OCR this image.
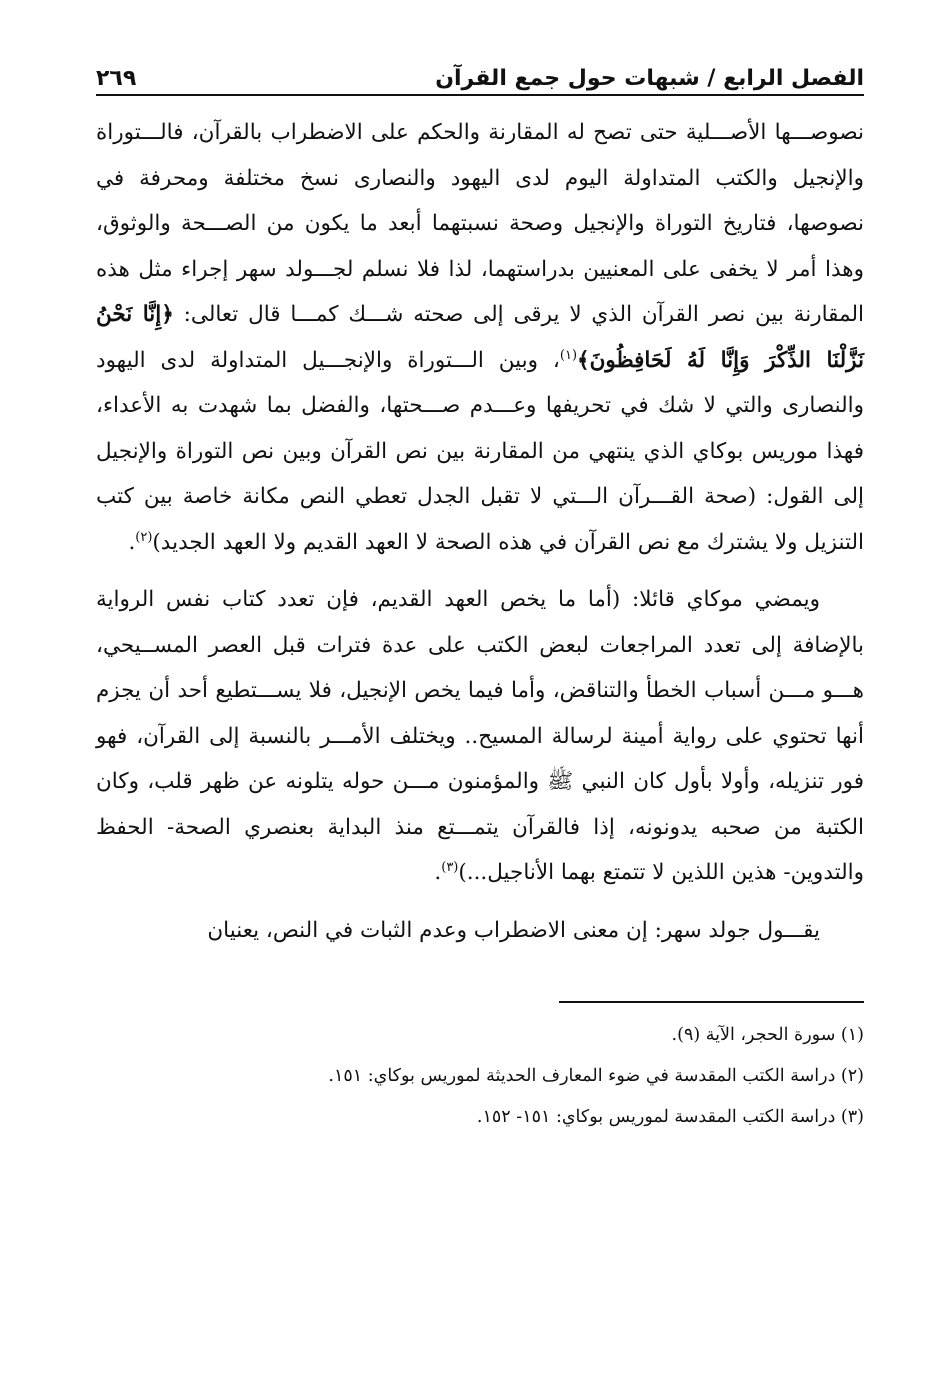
الفصل الرابع / شبهات حول جمع القرآن
٢٦٩

نصوصـــها الأصـــلية حتى تصح له المقارنة والحكم على الاضطراب بالقرآن، فالـــتوراة والإنجيل والكتب المتداولة اليوم لدى اليهود والنصارى نسخ مختلفة ومحرفة في نصوصها، فتاريخ التوراة والإنجيل وصحة نسبتهما أبعد ما يكون من الصـــحة والوثوق، وهذا أمر لا يخفى على المعنيين بدراستهما، لذا فلا نسلم لجـــولد سهر إجراء مثل هذه المقارنة بين نصر القرآن الذي لا يرقى إلى صحته شـــك كمـــا قال تعالى: ﴿إِنَّا نَحْنُ نَزَّلْنَا الذِّكْرَ وَإِنَّا لَهُ لَحَافِظُونَ﴾$^{(١)}$، وبين الـــتوراة والإنجـــيل المتداولة لدى اليهود والنصارى والتي لا شك في تحريفها وعـــدم صـــحتها، والفضل بما شهدت به الأعداء، فهذا موريس بوكاي الذي ينتهي من المقارنة بين نص القرآن وبين نص التوراة والإنجيل إلى القول: (صحة القـــرآن الـــتي لا تقبل الجدل تعطي النص مكانة خاصة بين كتب التنزيل ولا يشترك مع نص القرآن في هذه الصحة لا العهد القديم ولا العهد الجديد)$^{(٢)}$.

ويمضي موكاي قائلا: (أما ما يخص العهد القديم، فإن تعدد كتاب نفس الرواية بالإضافة إلى تعدد المراجعات لبعض الكتب على عدة فترات قبل العصر المســيحي، هـــو مـــن أسباب الخطأ والتناقض، وأما فيما يخص الإنجيل، فلا يســـتطيع أحد أن يجزم أنها تحتوي على رواية أمينة لرسالة المسيح.. ويختلف الأمـــر بالنسبة إلى القرآن، فهو فور تنزيله، وأولا بأول كان النبي ﷺ والمؤمنون مـــن حوله يتلونه عن ظهر قلب، وكان الكتبة من صحبه يدونونه، إذا فالقرآن يتمـــتع منذ البداية بعنصري الصحة- الحفظ والتدوين- هذين اللذين لا تتمتع بهما الأناجيل...)$^{(٣)}$.

يقـــول جولد سهر: إن معنى الاضطراب وعدم الثبات في النص، يعنيان

(١) سورة الحجر، الآية (٩).

(٢) دراسة الكتب المقدسة في ضوء المعارف الحديثة لموريس بوكاي: ١٥١.

(٣) دراسة الكتب المقدسة لموريس بوكاي: ١٥١- ١٥٢.
